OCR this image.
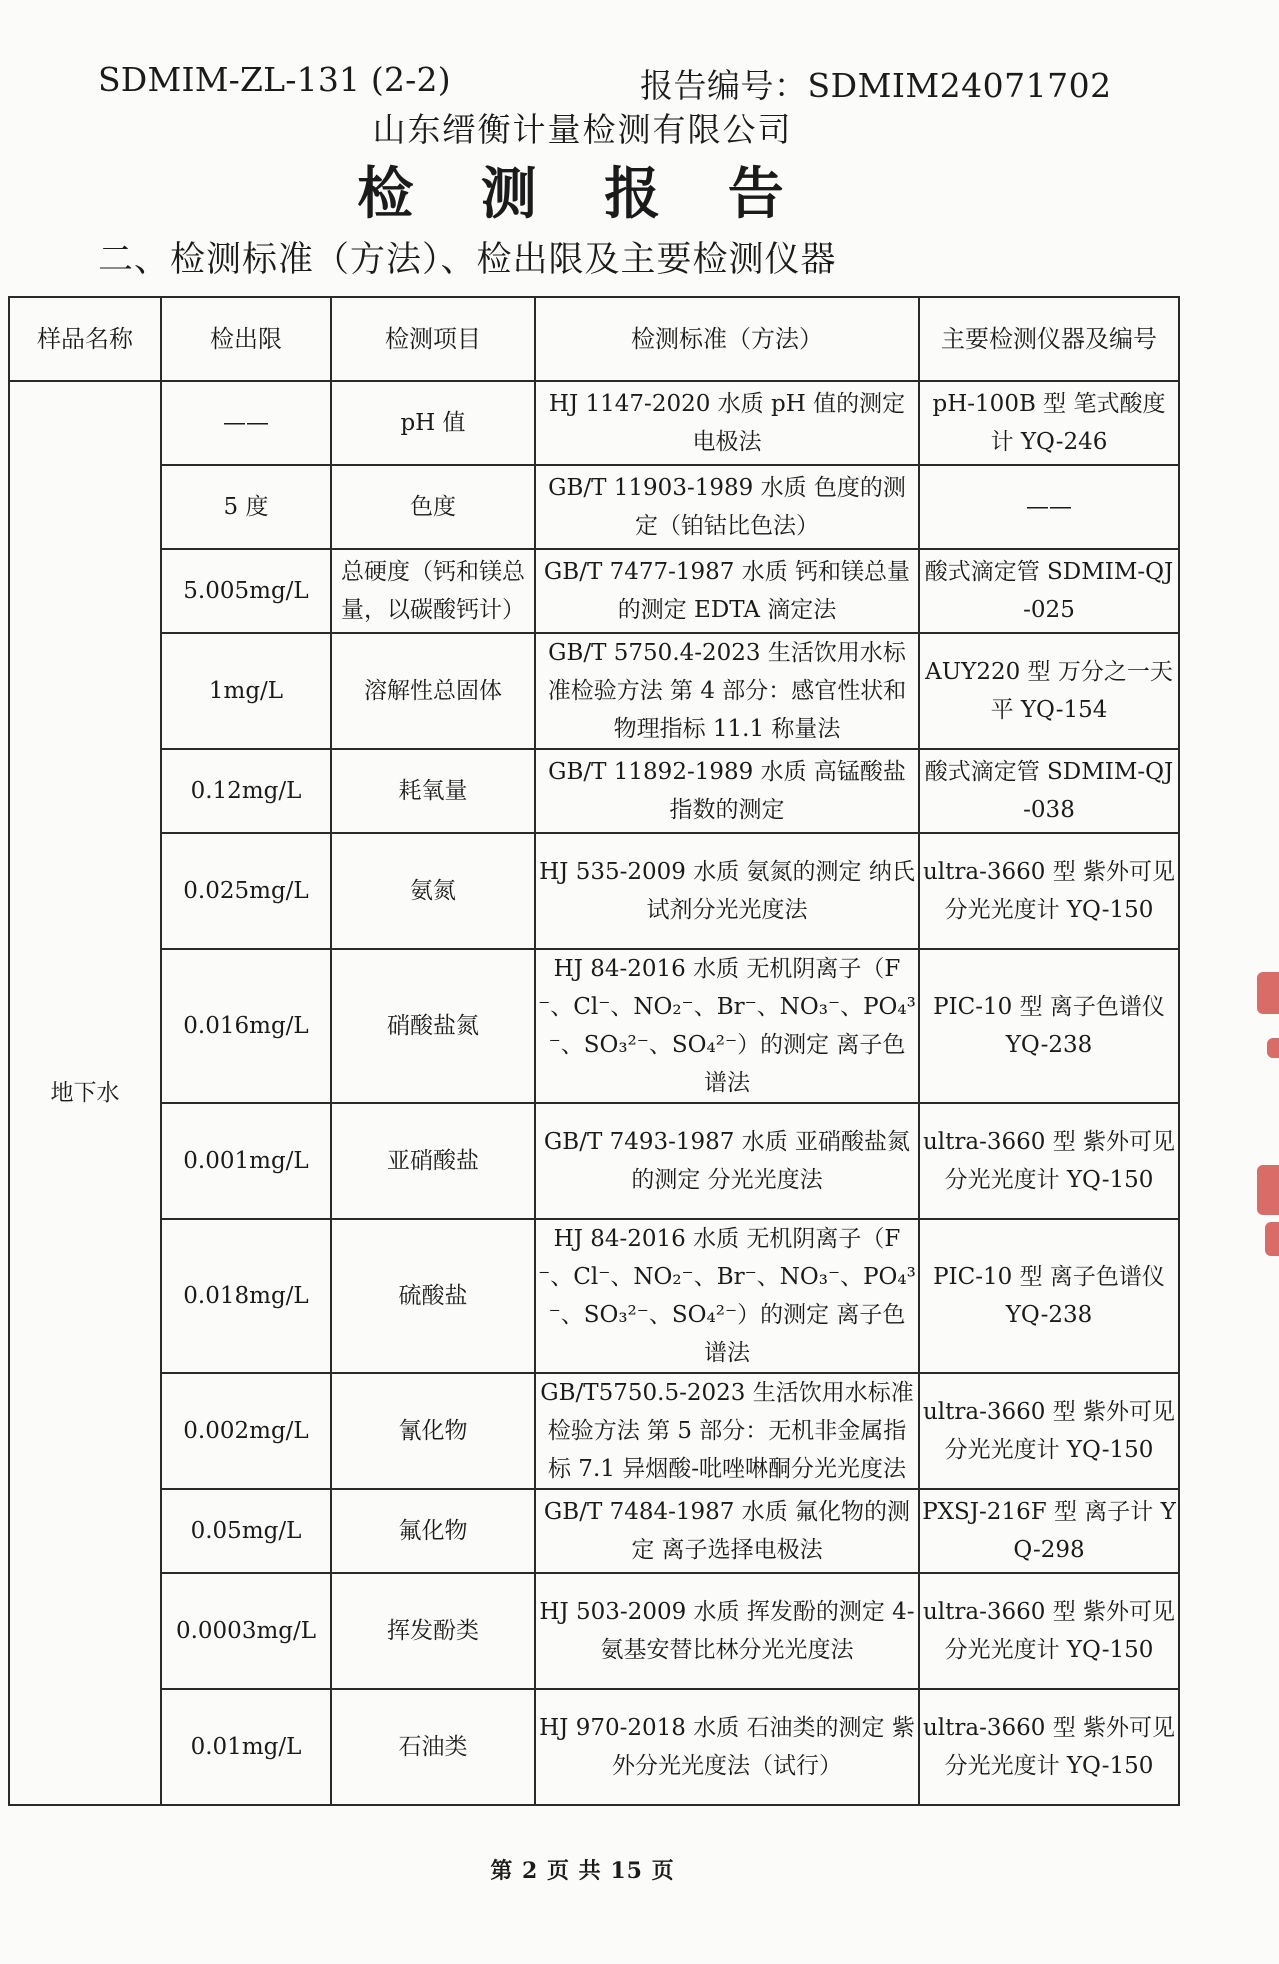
SDMIM-ZL-131 (2-2)	报告编号：SDMIM24071702
山东缙衡计量检测有限公司
检 测 报 告
二、检测标准（方法）、检出限及主要检测仪器
样品名称	检出限	检测项目	检测标准（方法）	主要检测仪器及编号
地下水	——	pH 值	HJ 1147-2020 水质 pH 值的测定 电极法	pH-100B 型 笔式酸度计 YQ-246
	5 度	色度	GB/T 11903-1989 水质 色度的测定（铂钴比色法）	——
	5.005mg/L	总硬度（钙和镁总量，以碳酸钙计）	GB/T 7477-1987 水质 钙和镁总量的测定 EDTA 滴定法	酸式滴定管 SDMIM-QJ-025
	1mg/L	溶解性总固体	GB/T 5750.4-2023 生活饮用水标准检验方法 第 4 部分：感官性状和物理指标 11.1 称量法	AUY220 型 万分之一天平 YQ-154
	0.12mg/L	耗氧量	GB/T 11892-1989 水质 高锰酸盐指数的测定	酸式滴定管 SDMIM-QJ-038
	0.025mg/L	氨氮	HJ 535-2009 水质 氨氮的测定 纳氏试剂分光光度法	ultra-3660 型 紫外可见分光光度计 YQ-150
	0.016mg/L	硝酸盐氮	HJ 84-2016 水质 无机阴离子（F⁻、Cl⁻、NO₂⁻、Br⁻、NO₃⁻、PO₄³⁻、SO₃²⁻、SO₄²⁻）的测定 离子色谱法	PIC-10 型 离子色谱仪 YQ-238
	0.001mg/L	亚硝酸盐	GB/T 7493-1987 水质 亚硝酸盐氮的测定 分光光度法	ultra-3660 型 紫外可见分光光度计 YQ-150
	0.018mg/L	硫酸盐	HJ 84-2016 水质 无机阴离子（F⁻、Cl⁻、NO₂⁻、Br⁻、NO₃⁻、PO₄³⁻、SO₃²⁻、SO₄²⁻）的测定 离子色谱法	PIC-10 型 离子色谱仪 YQ-238
	0.002mg/L	氰化物	GB/T5750.5-2023 生活饮用水标准检验方法 第 5 部分：无机非金属指标 7.1 异烟酸-吡唑啉酮分光光度法	ultra-3660 型 紫外可见分光光度计 YQ-150
	0.05mg/L	氟化物	GB/T 7484-1987 水质 氟化物的测定 离子选择电极法	PXSJ-216F 型 离子计 YQ-298
	0.0003mg/L	挥发酚类	HJ 503-2009 水质 挥发酚的测定 4-氨基安替比林分光光度法	ultra-3660 型 紫外可见分光光度计 YQ-150
	0.01mg/L	石油类	HJ 970-2018 水质 石油类的测定 紫外分光光度法（试行）	ultra-3660 型 紫外可见分光光度计 YQ-150
第 2 页 共 15 页
